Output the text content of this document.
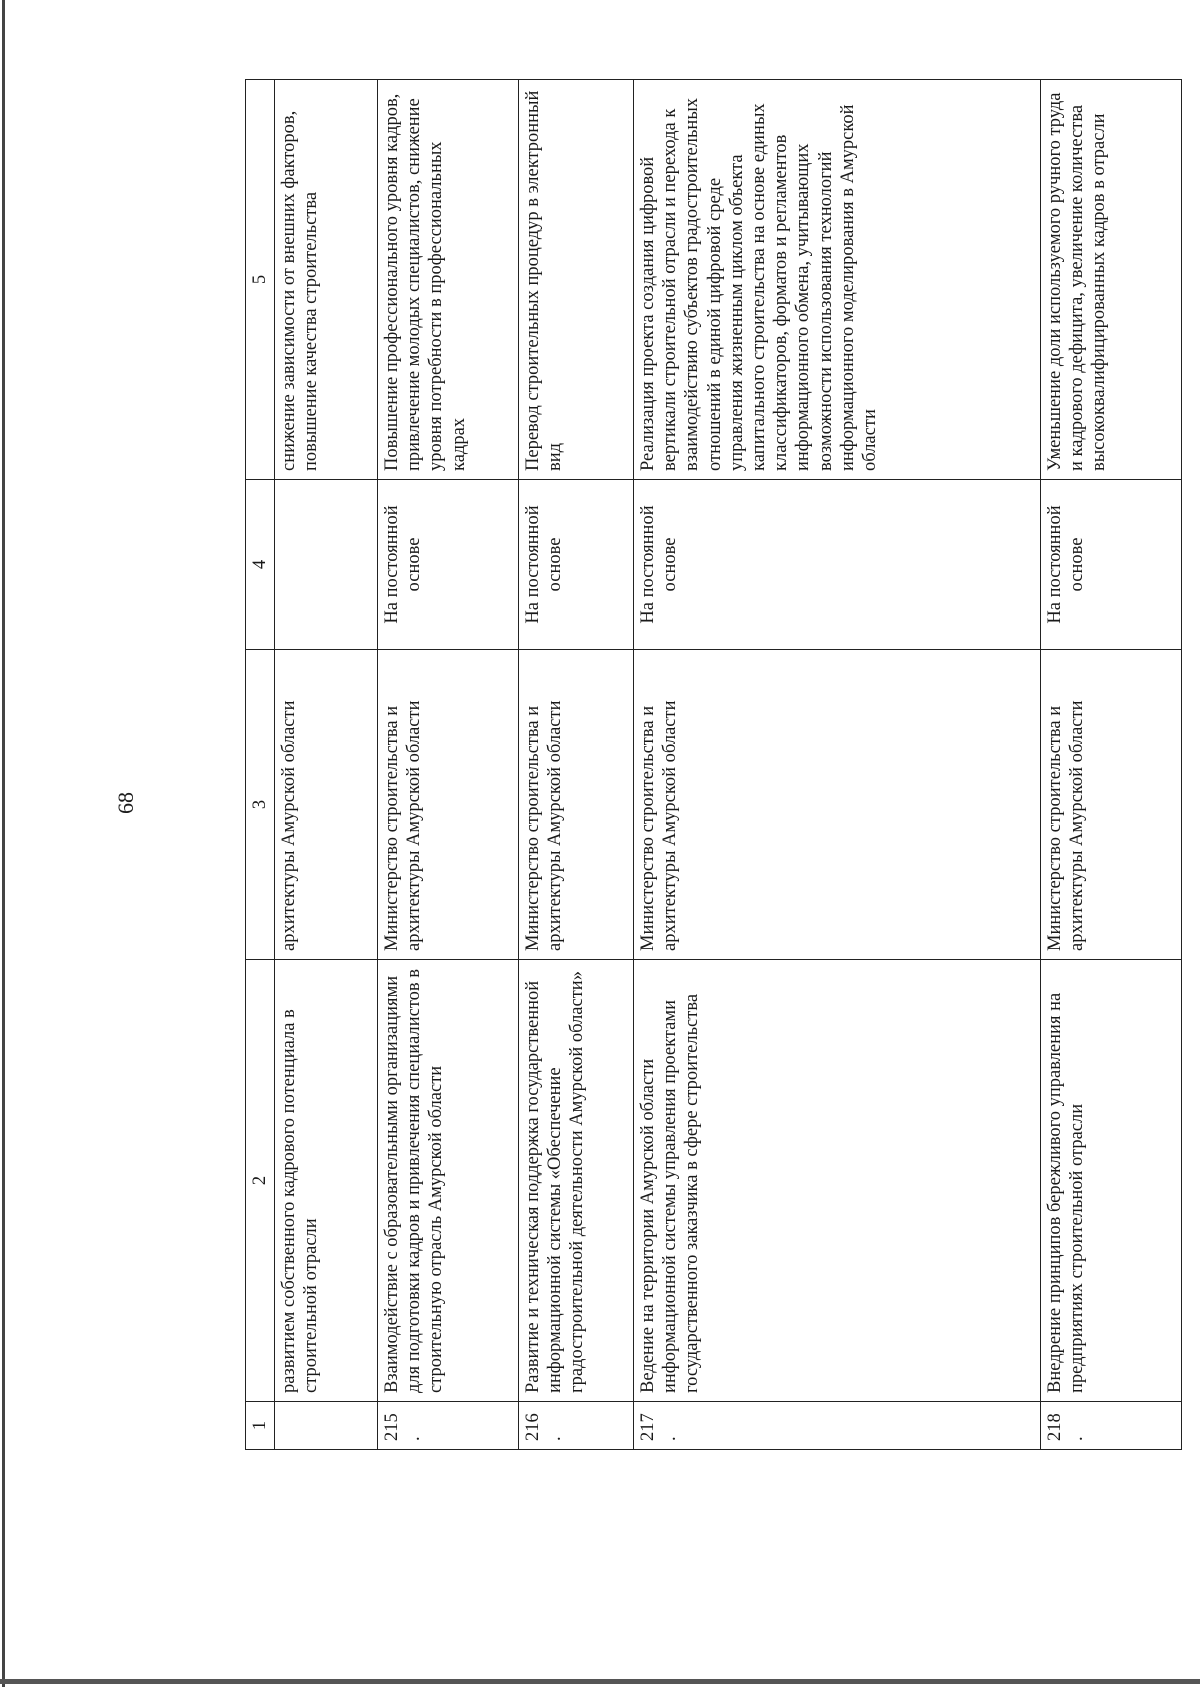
68
1	2	3	4	5
	развитием собственного кадрового потенциала в строительной отрасли	архитектуры Амурской области		снижение зависимости от внешних факторов, повышение качества строительства
215.	Взаимодействие с образовательными организациями для подготовки кадров и привлечения специалистов в строительную отрасль Амурской области	Министерство строительства и архитектуры Амурской области	На постоянной основе	Повышение профессионального уровня кадров, привлечение молодых специалистов, снижение уровня потребности в профессиональных кадрах
216.	Развитие и техническая поддержка государственной информационной системы «Обеспечение градостроительной деятельности Амурской области»	Министерство строительства и архитектуры Амурской области	На постоянной основе	Перевод строительных процедур в электронный вид
217.	Ведение на территории Амурской области информационной системы управления проектами государственного заказчика в сфере строительства	Министерство строительства и архитектуры Амурской области	На постоянной основе	Реализация проекта создания цифровой вертикали строительной отрасли и перехода к взаимодействию субъектов градостроительных отношений в единой цифровой среде управления жизненным циклом объекта капитального строительства на основе единых классификаторов, форматов и регламентов информационного обмена, учитывающих возможности использования технологий информационного моделирования в Амурской области
218.	Внедрение принципов бережливого управления на предприятиях строительной отрасли	Министерство строительства и архитектуры Амурской области	На постоянной основе	Уменьшение доли используемого ручного труда и кадрового дефицита, увеличение количества высококвалифицированных кадров в отрасли
